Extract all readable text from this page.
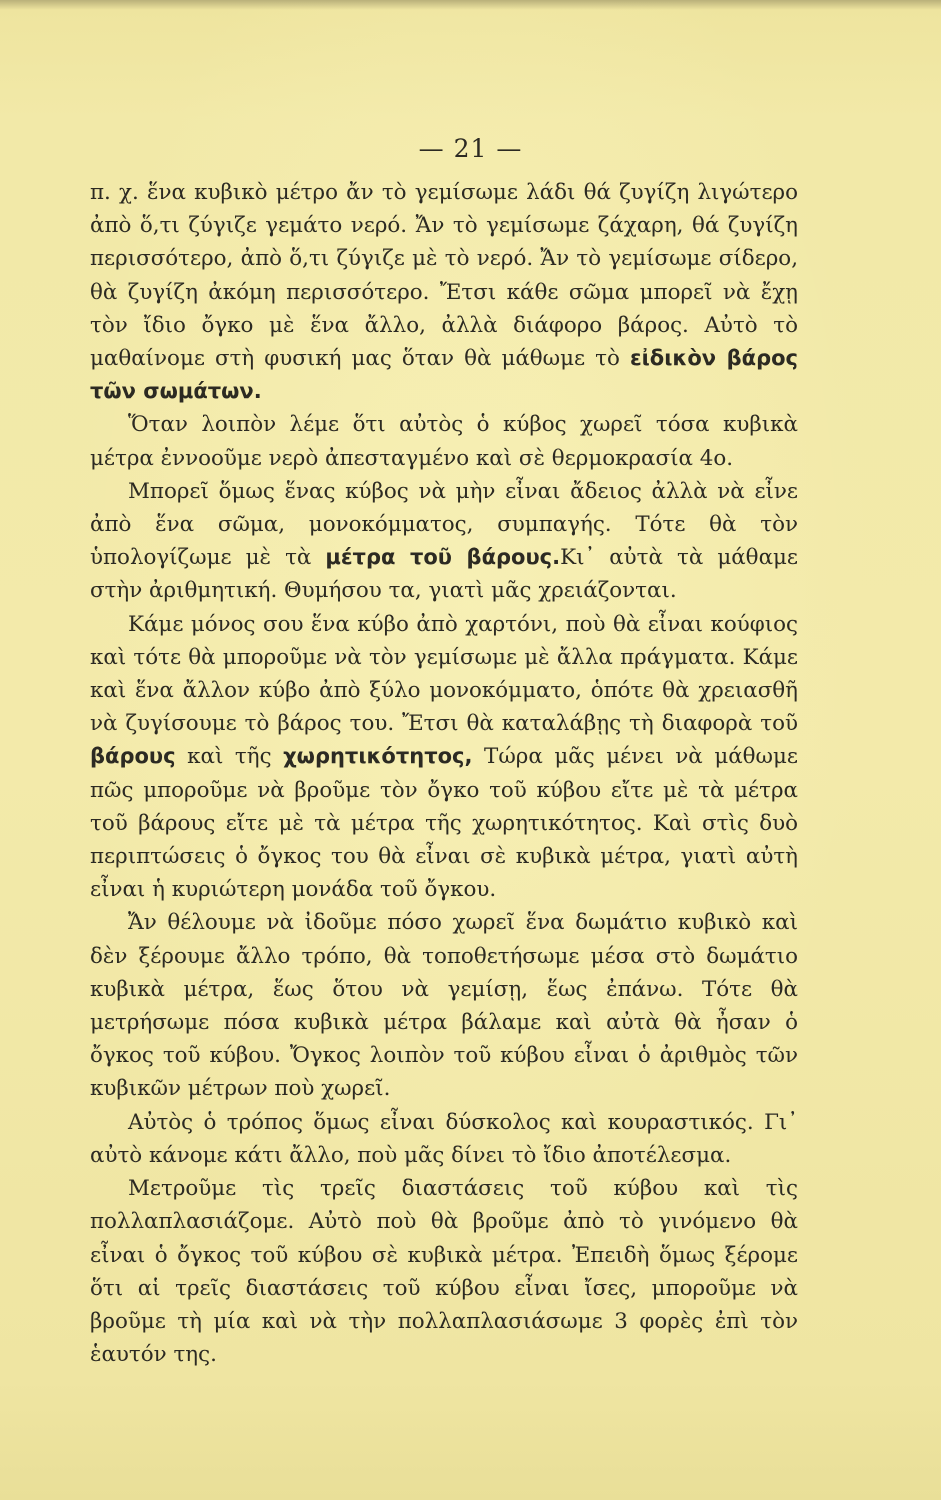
— 21 —

π. χ. ἕνα κυβικὸ μέτρο ἄν τὸ γεμίσωμε λάδι θά ζυγίζη λιγώτερο ἀπὸ ὅ,τι ζύγιζε γεμάτο νερό. Ἄν τὸ γεμίσωμε ζάχαρη, θά ζυγίζη περισσότερο, ἀπὸ ὅ,τι ζύγιζε μὲ τὸ νερό. Ἄν τὸ γεμίσωμε σίδερο, θὰ ζυγίζη ἀκόμη περισσότερο. Ἔτσι κάθε σῶμα μπορεῖ νὰ ἔχῃ τὸν ἴδιο ὄγκο μὲ ἕνα ἄλλο, ἀλλὰ διάφορο βάρος. Αὐτὸ τὸ μαθαίνομε στὴ φυσική μας ὅταν θὰ μάθωμε τὸ εἰδικὸν βάρος τῶν σωμάτων.

Ὅταν λοιπὸν λέμε ὅτι αὐτὸς ὁ κύβος χωρεῖ τόσα κυβικὰ μέτρα ἐννοοῦμε νερὸ ἀπεσταγμένο καὶ σὲ θερμοκρασία 4ο.

Μπορεῖ ὅμως ἕνας κύβος νὰ μὴν εἶναι ἄδειος ἀλλὰ νὰ εἶνε ἀπὸ ἕνα σῶμα, μονοκόμματος, συμπαγής. Τότε θὰ τὸν ὑπολογίζωμε μὲ τὰ μέτρα τοῦ βάρους.Κι᾿ αὐτὰ τὰ μάθαμε στὴν ἀριθμητική. Θυμήσου τα, γιατὶ μᾶς χρειάζονται.

Κάμε μόνος σου ἕνα κύβο ἀπὸ χαρτόνι, ποὺ θὰ εἶναι κούφιος καὶ τότε θὰ μποροῦμε νὰ τὸν γεμίσωμε μὲ ἄλλα πράγματα. Κάμε καὶ ἕνα ἄλλον κύβο ἀπὸ ξύλο μονοκόμματο, ὁπότε θὰ χρειασθῆ νὰ ζυγίσουμε τὸ βάρος του. Ἔτσι θὰ καταλάβῃς τὴ διαφορὰ τοῦ βάρους καὶ τῆς χωρητικότητος, Τώρα μᾶς μένει νὰ μάθωμε πῶς μποροῦμε νὰ βροῦμε τὸν ὄγκο τοῦ κύβου εἴτε μὲ τὰ μέτρα τοῦ βάρους εἴτε μὲ τὰ μέτρα τῆς χωρητικότητος. Καὶ στὶς δυὸ περιπτώσεις ὁ ὄγκος του θὰ εἶναι σὲ κυβικὰ μέτρα, γιατὶ αὐτὴ εἶναι ἡ κυριώτερη μονάδα τοῦ ὄγκου.

Ἄν θέλουμε νὰ ἰδοῦμε πόσο χωρεῖ ἕνα δωμάτιο κυβικὸ καὶ δὲν ξέρουμε ἄλλο τρόπο, θὰ τοποθετήσωμε μέσα στὸ δωμάτιο κυβικὰ μέτρα, ἕως ὅτου νὰ γεμίσῃ, ἕως ἐπάνω. Τότε θὰ μετρήσωμε πόσα κυβικὰ μέτρα βάλαμε καὶ αὐτὰ θὰ ἦσαν ὁ ὄγκος τοῦ κύβου. Ὄγκος λοιπὸν τοῦ κύβου εἶναι ὁ ἀριθμὸς τῶν κυβικῶν μέτρων ποὺ χωρεῖ.

Αὐτὸς ὁ τρόπος ὅμως εἶναι δύσκολος καὶ κουραστικός. Γι᾿ αὐτὸ κάνομε κάτι ἄλλο, ποὺ μᾶς δίνει τὸ ἴδιο ἀποτέλεσμα.

Μετροῦμε τὶς τρεῖς διαστάσεις τοῦ κύβου καὶ τὶς πολλαπλασιάζομε. Αὐτὸ ποὺ θὰ βροῦμε ἀπὸ τὸ γινόμενο θὰ εἶναι ὁ ὄγκος τοῦ κύβου σὲ κυβικὰ μέτρα. Ἐπειδὴ ὅμως ξέρομε ὅτι αἱ τρεῖς διαστάσεις τοῦ κύβου εἶναι ἴσες, μποροῦμε νὰ βροῦμε τὴ μία καὶ νὰ τὴν πολλαπλασιάσωμε 3 φορὲς ἐπὶ τὸν ἑαυτόν της.
